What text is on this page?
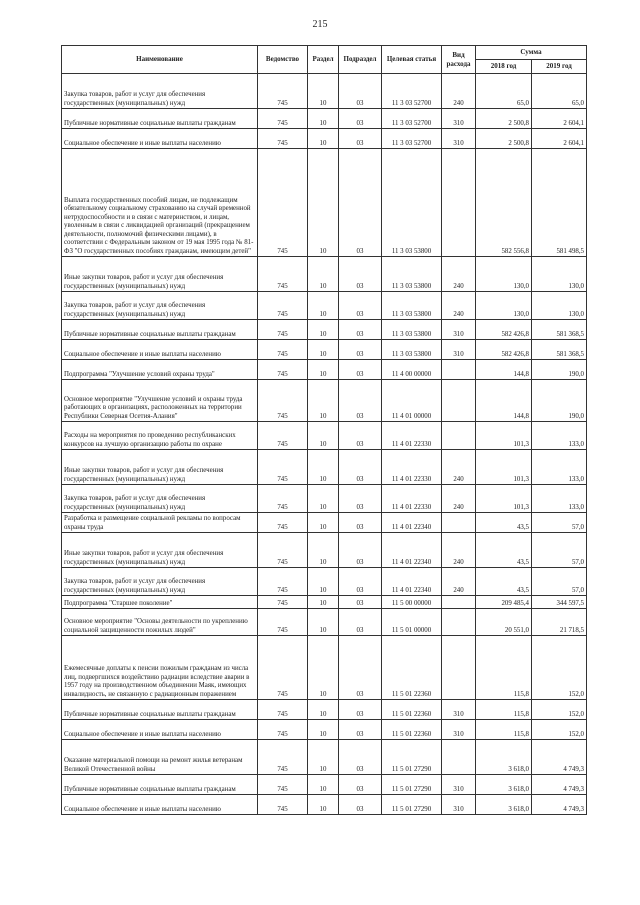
215
Наименование	Ведомство	Раздел	Подраздел	Целевая статья	Вид расхода	Сумма	
						2018 год	2019 год
Закупка товаров, работ и услуг для обеспечения государственных (муниципальных) нужд	745	10	03	11 3 03 52700	240	65,0	65,0
Публичные нормативные социальные выплаты гражданам	745	10	03	11 3 03 52700	310	2 500,8	2 604,1
Социальное обеспечение и иные выплаты населению	745	10	03	11 3 03 52700	310	2 500,8	2 604,1
Выплата государственных пособий лицам, не подлежащим обязательному социальному страхованию на случай временной нетрудоспособности и в связи с материнством, и лицам, уволенным в связи с ликвидацией организаций (прекращением деятельности, полномочий физическими лицами), в соответствии с Федеральным законом от 19 мая 1995 года № 81-ФЗ "О государственных пособиях гражданам, имеющим детей"	745	10	03	11 3 03 53800		582 556,8	581 498,5
Иные закупки товаров, работ и услуг для обеспечения государственных (муниципальных) нужд	745	10	03	11 3 03 53800	240	130,0	130,0
Закупка товаров, работ и услуг для обеспечения государственных (муниципальных) нужд	745	10	03	11 3 03 53800	240	130,0	130,0
Публичные нормативные социальные выплаты гражданам	745	10	03	11 3 03 53800	310	582 426,8	581 368,5
Социальное обеспечение и иные выплаты населению	745	10	03	11 3 03 53800	310	582 426,8	581 368,5
Подпрограмма "Улучшение условий охраны труда"	745	10	03	11 4 00 00000		144,8	190,0
Основное мероприятие "Улучшение условий и охраны труда работающих в организациях, расположенных на территории Республики Северная Осетия-Алания"	745	10	03	11 4 01 00000		144,8	190,0
Расходы на мероприятия по проведению республиканских конкурсов на лучшую организацию работы по охране	745	10	03	11 4 01 22330		101,3	133,0
Иные закупки товаров, работ и услуг для обеспечения государственных (муниципальных) нужд	745	10	03	11 4 01 22330	240	101,3	133,0
Закупка товаров, работ и услуг для обеспечения государственных (муниципальных) нужд	745	10	03	11 4 01 22330	240	101,3	133,0
Разработка и размещение социальной рекламы по вопросам охраны труда	745	10	03	11 4 01 22340		43,5	57,0
Иные закупки товаров, работ и услуг для обеспечения государственных (муниципальных) нужд	745	10	03	11 4 01 22340	240	43,5	57,0
Закупка товаров, работ и услуг для обеспечения государственных (муниципальных) нужд	745	10	03	11 4 01 22340	240	43,5	57,0
Подпрограмма "Старшее поколение"	745	10	03	11 5 00 00000		209 485,4	344 597,5
Основное мероприятие "Основы деятельности по укреплению социальной защищенности пожилых людей"	745	10	03	11 5 01 00000		20 551,0	21 718,5
Ежемесячные доплаты к пенсии пожилым гражданам из числа лиц, подвергшихся воздействию радиации вследствие аварии в 1957 году на производственном объединении Маяк, имеющих инвалидность, не связанную с радиационным поражением	745	10	03	11 5 01 22360		115,8	152,0
Публичные нормативные социальные выплаты гражданам	745	10	03	11 5 01 22360	310	115,8	152,0
Социальное обеспечение и иные выплаты населению	745	10	03	11 5 01 22360	310	115,8	152,0
Оказание материальной помощи на ремонт жилья ветеранам Великой Отечественной войны	745	10	03	11 5 01 27290		3 618,0	4 749,3
Публичные нормативные социальные выплаты гражданам	745	10	03	11 5 01 27290	310	3 618,0	4 749,3
Социальное обеспечение и иные выплаты населению	745	10	03	11 5 01 27290	310	3 618,0	4 749,3
